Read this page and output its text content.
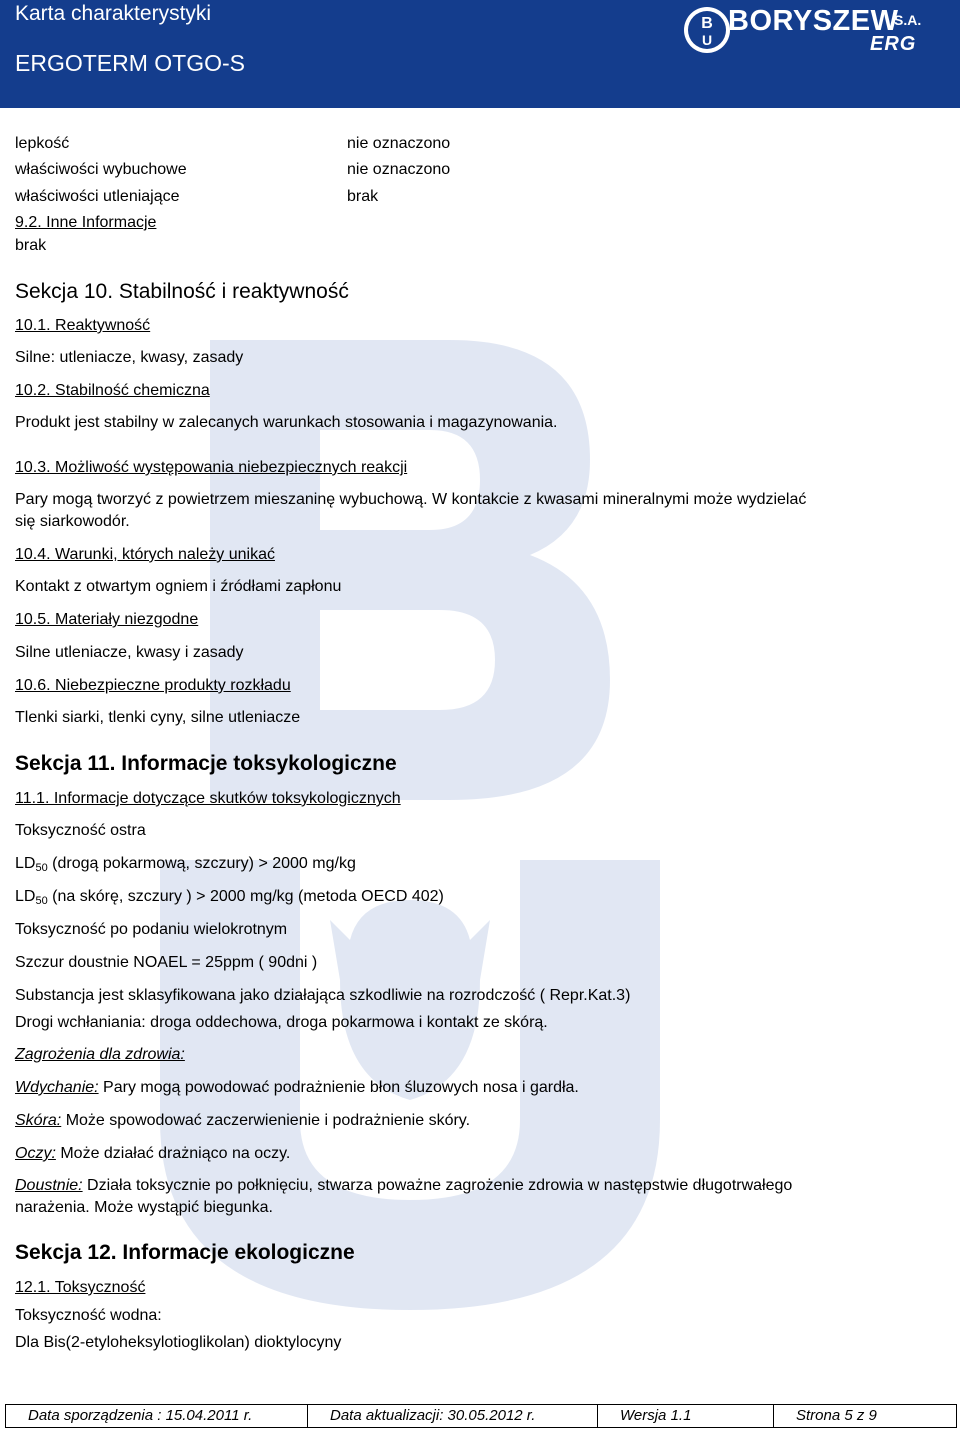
Karta charakterystyki
ERGOTERM OTGO-S
B
U
BORYSZEW
S.A.
ERG
lepkość	nie oznaczono
właściwości wybuchowe	nie oznaczono
właściwości utleniające	brak
9.2. Inne Informacje
brak
Sekcja 10. Stabilność i reaktywność
10.1. Reaktywność
Silne: utleniacze, kwasy, zasady
10.2. Stabilność chemiczna
Produkt jest stabilny w zalecanych warunkach stosowania i magazynowania.
10.3. Możliwość występowania niebezpiecznych reakcji
Pary mogą tworzyć z powietrzem mieszaninę wybuchową. W kontakcie z kwasami mineralnymi może wydzielać
się siarkowodór.
10.4. Warunki, których należy unikać
Kontakt z otwartym ogniem i źródłami zapłonu
10.5. Materiały niezgodne
Silne utleniacze, kwasy i zasady
10.6. Niebezpieczne produkty rozkładu
Tlenki siarki, tlenki cyny, silne utleniacze
Sekcja 11. Informacje toksykologiczne
11.1. Informacje dotyczące skutków toksykologicznych
Toksyczność ostra
$LD_{50}$ (drogą pokarmową, szczury) > 2000 mg/kg
$LD_{50}$ (na skórę, szczury ) > 2000 mg/kg (metoda OECD 402)
Toksyczność po podaniu wielokrotnym
Szczur doustnie NOAEL = 25ppm ( 90dni )
Substancja jest sklasyfikowana jako działająca szkodliwie na rozrodczość ( Repr.Kat.3)
Drogi wchłaniania: droga oddechowa, droga pokarmowa i kontakt ze skórą.
Zagrożenia dla zdrowia:
Wdychanie: Pary mogą powodować podrażnienie błon śluzowych nosa i gardła.
Skóra: Może spowodować zaczerwienienie i podrażnienie skóry.
Oczy: Może działać drażniąco na oczy.
Doustnie: Działa toksycznie po połknięciu, stwarza poważne zagrożenie zdrowia w następstwie długotrwałego
narażenia. Może wystąpić biegunka.
Sekcja 12. Informacje ekologiczne
12.1. Toksyczność
Toksyczność wodna:
Dla Bis(2-etyloheksylotioglikolan) dioktylocyny
Data sporządzenia : 15.04.2011 r.	Data aktualizacji: 30.05.2012 r.	Wersja 1.1	Strona 5 z 9
